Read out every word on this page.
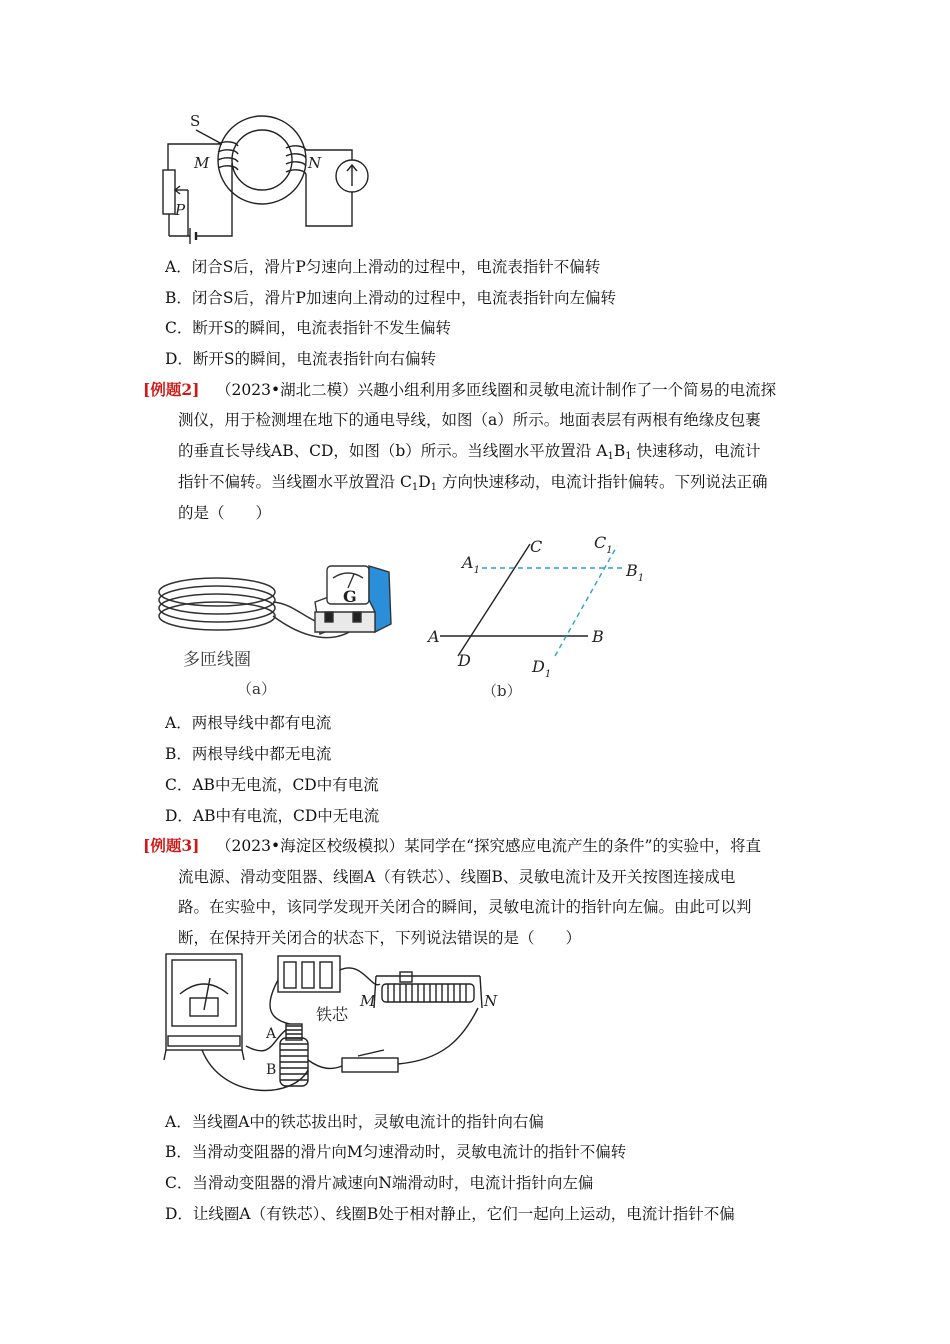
S
M	N
P
A．闭合S后，滑片P匀速向上滑动的过程中，电流表指针不偏转
B．闭合S后，滑片P加速向上滑动的过程中，电流表指针向左偏转
C．断开S的瞬间，电流表指针不发生偏转
D．断开S的瞬间，电流表指针向右偏转
[例题2] （2023•湖北二模）兴趣小组利用多匝线圈和灵敏电流计制作了一个简易的电流探
测仪，用于检测埋在地下的通电导线，如图（a）所示。地面表层有两根有绝缘皮包裹
的垂直长导线AB、CD，如图（b）所示。当线圈水平放置沿 $A_1B_1$ 快速移动，电流计
指针不偏转。当线圈水平放置沿 $C_1D_1$ 方向快速移动，电流计指针偏转。下列说法正确
的是（　　）
G
多匝线圈
（a）
C
$A_1$
$C_1$
$B_1$
A	B
D	$D_1$
（b）
A．两根导线中都有电流
B．两根导线中都无电流
C．AB中无电流，CD中有电流
D．AB中有电流，CD中无电流
[例题3] （2023•海淀区校级模拟）某同学在“探究感应电流产生的条件”的实验中，将直
流电源、滑动变阻器、线圈A（有铁芯）、线圈B、灵敏电流计及开关按图连接成电
路。在实验中，该同学发现开关闭合的瞬间，灵敏电流计的指针向左偏。由此可以判
断，在保持开关闭合的状态下，下列说法错误的是（　　）
铁芯
A
B
M	N
A．当线圈A中的铁芯拔出时，灵敏电流计的指针向右偏
B．当滑动变阻器的滑片向M匀速滑动时，灵敏电流计的指针不偏转
C．当滑动变阻器的滑片减速向N端滑动时，电流计指针向左偏
D．让线圈A（有铁芯）、线圈B处于相对静止，它们一起向上运动，电流计指针不偏
